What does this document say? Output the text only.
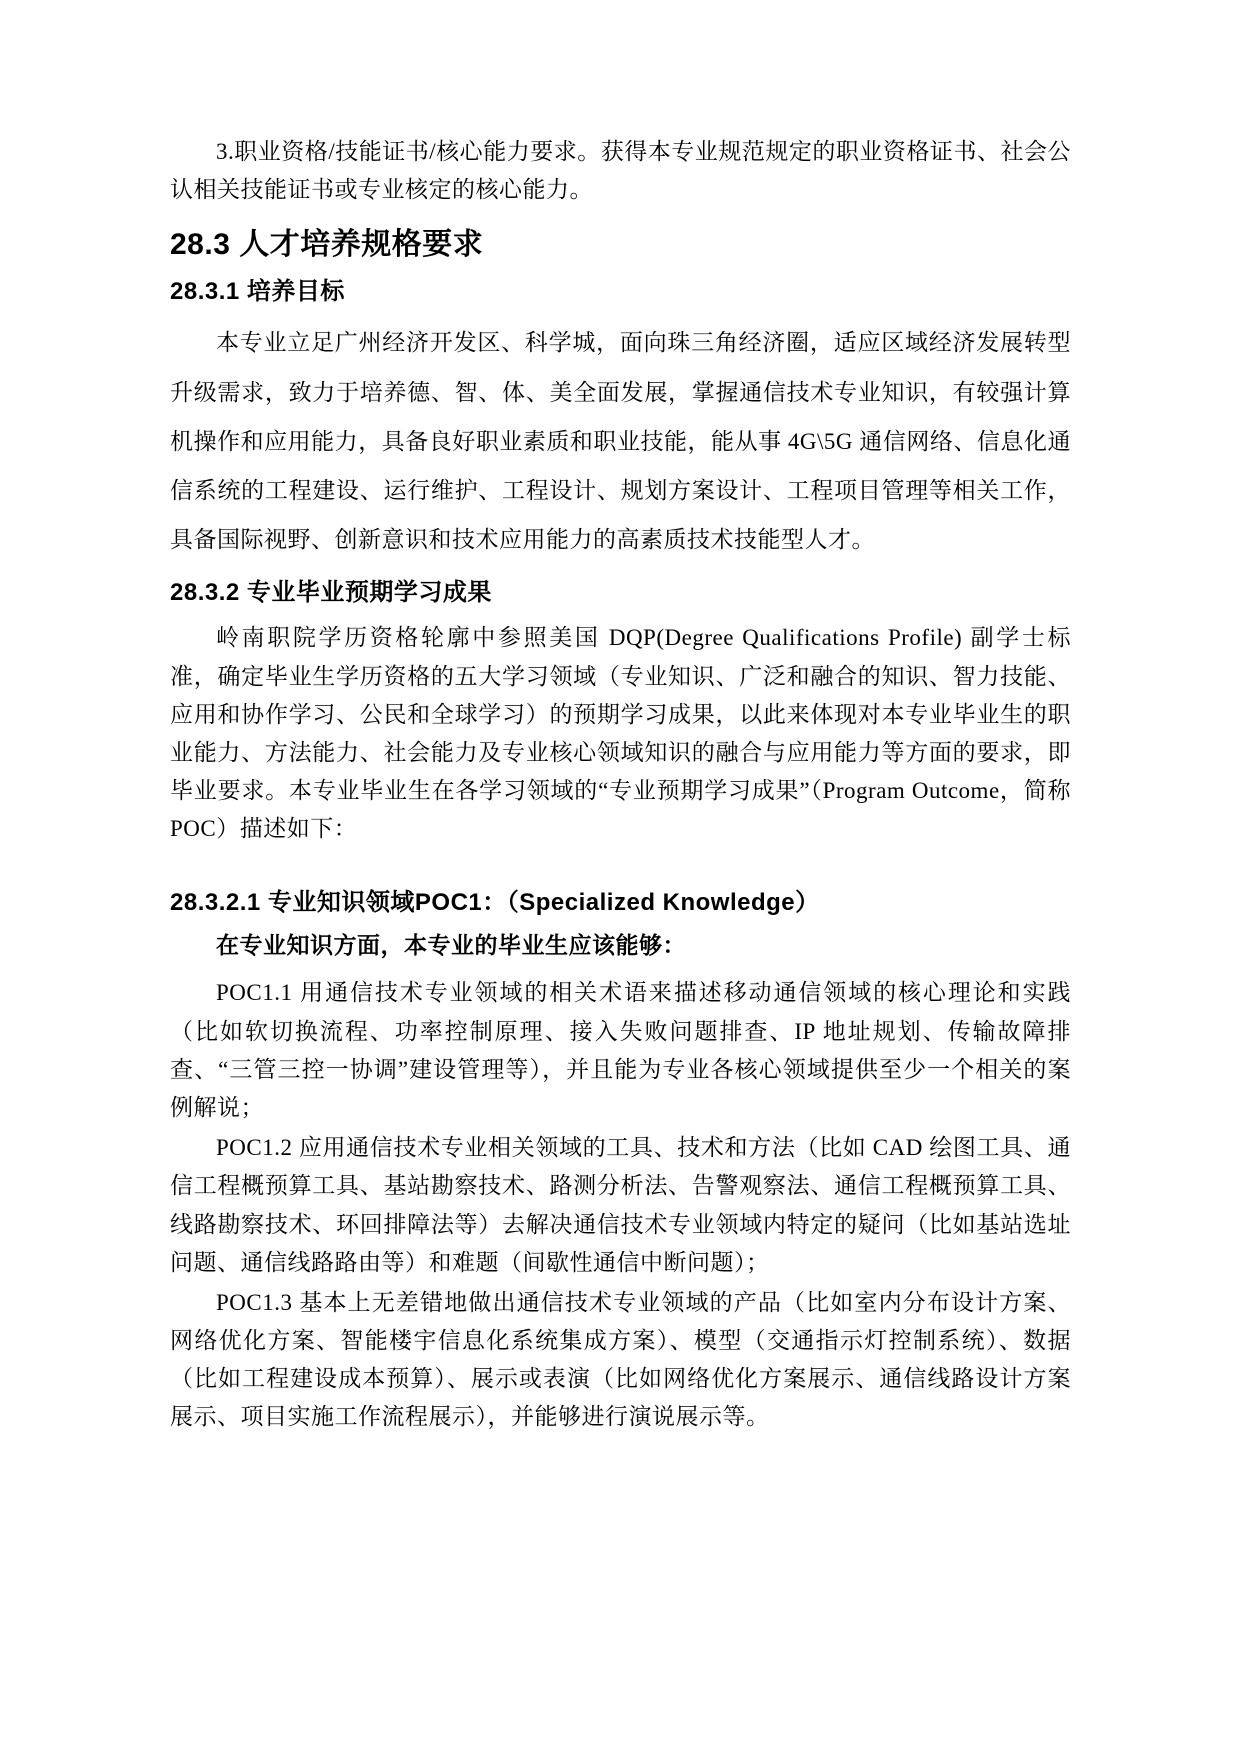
3.职业资格/技能证书/核心能力要求。获得本专业规范规定的职业资格证书、社会公认相关技能证书或专业核定的核心能力。

28.3 人才培养规格要求
28.3.1 培养目标

本专业立足广州经济开发区、科学城，面向珠三角经济圈，适应区域经济发展转型升级需求，致力于培养德、智、体、美全面发展，掌握通信技术专业知识，有较强计算机操作和应用能力，具备良好职业素质和职业技能，能从事 4G\5G 通信网络、信息化通信系统的工程建设、运行维护、工程设计、规划方案设计、工程项目管理等相关工作，具备国际视野、创新意识和技术应用能力的高素质技术技能型人才。

28.3.2 专业毕业预期学习成果

岭南职院学历资格轮廓中参照美国 DQP(Degree Qualifications Profile) 副学士标准，确定毕业生学历资格的五大学习领域（专业知识、广泛和融合的知识、智力技能、应用和协作学习、公民和全球学习）的预期学习成果，以此来体现对本专业毕业生的职业能力、方法能力、社会能力及专业核心领域知识的融合与应用能力等方面的要求，即毕业要求。本专业毕业生在各学习领域的“专业预期学习成果”（Program Outcome，简称 POC）描述如下：

28.3.2.1 专业知识领域POC1：（Specialized Knowledge）

在专业知识方面，本专业的毕业生应该能够：

POC1.1 用通信技术专业领域的相关术语来描述移动通信领域的核心理论和实践（比如软切换流程、功率控制原理、接入失败问题排查、IP 地址规划、传输故障排查、“三管三控一协调”建设管理等），并且能为专业各核心领域提供至少一个相关的案例解说；

POC1.2 应用通信技术专业相关领域的工具、技术和方法（比如 CAD 绘图工具、通信工程概预算工具、基站勘察技术、路测分析法、告警观察法、通信工程概预算工具、线路勘察技术、环回排障法等）去解决通信技术专业领域内特定的疑问（比如基站选址问题、通信线路路由等）和难题（间歇性通信中断问题）；

POC1.3 基本上无差错地做出通信技术专业领域的产品（比如室内分布设计方案、网络优化方案、智能楼宇信息化系统集成方案）、模型（交通指示灯控制系统）、数据（比如工程建设成本预算）、展示或表演（比如网络优化方案展示、通信线路设计方案展示、项目实施工作流程展示），并能够进行演说展示等。
